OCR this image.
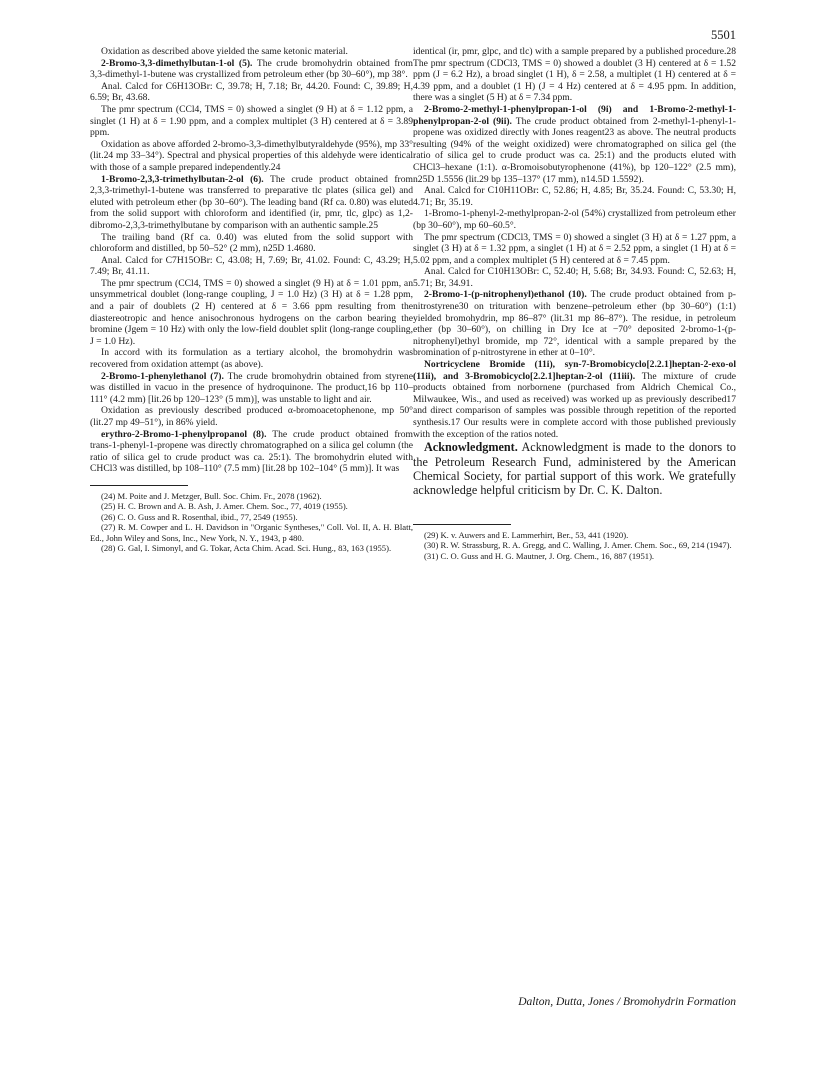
5501

Oxidation as described above yielded the same ketonic material.

2-Bromo-3,3-dimethylbutan-1-ol (5). The crude bromohydrin obtained from 3,3-dimethyl-1-butene was crystallized from petroleum ether (bp 30–60°), mp 38°.

Anal. Calcd for C6H13OBr: C, 39.78; H, 7.18; Br, 44.20. Found: C, 39.89; H, 6.59; Br, 43.68.

The pmr spectrum (CCl4, TMS = 0) showed a singlet (9 H) at δ = 1.12 ppm, a singlet (1 H) at δ = 1.90 ppm, and a complex multiplet (3 H) centered at δ = 3.89 ppm.

Oxidation as above afforded 2-bromo-3,3-dimethylbutyraldehyde (95%), mp 33° (lit.24 mp 33–34°). Spectral and physical properties of this aldehyde were identical with those of a sample prepared independently.24

1-Bromo-2,3,3-trimethylbutan-2-ol (6). The crude product obtained from 2,3,3-trimethyl-1-butene was transferred to preparative tlc plates (silica gel) and eluted with petroleum ether (bp 30–60°). The leading band (Rf ca. 0.80) was eluted from the solid support with chloroform and identified (ir, pmr, tlc, glpc) as 1,2-dibromo-2,3,3-trimethylbutane by comparison with an authentic sample.25

The trailing band (Rf ca. 0.40) was eluted from the solid support with chloroform and distilled, bp 50–52° (2 mm), n25D 1.4680.

Anal. Calcd for C7H15OBr: C, 43.08; H, 7.69; Br, 41.02. Found: C, 43.29; H, 7.49; Br, 41.11.

The pmr spectrum (CCl4, TMS = 0) showed a singlet (9 H) at δ = 1.01 ppm, an unsymmetrical doublet (long-range coupling, J = 1.0 Hz) (3 H) at δ = 1.28 ppm, and a pair of doublets (2 H) centered at δ = 3.66 ppm resulting from the diastereotropic and hence anisochronous hydrogens on the carbon bearing the bromine (Jgem = 10 Hz) with only the low-field doublet split (long-range coupling, J = 1.0 Hz).

In accord with its formulation as a tertiary alcohol, the bromohydrin was recovered from oxidation attempt (as above).

2-Bromo-1-phenylethanol (7). The crude bromohydrin obtained from styrene was distilled in vacuo in the presence of hydroquinone. The product,16 bp 110–111° (4.2 mm) [lit.26 bp 120–123° (5 mm)], was unstable to light and air.

Oxidation as previously described produced α-bromoacetophenone, mp 50° (lit.27 mp 49–51°), in 86% yield.

erythro-2-Bromo-1-phenylpropanol (8). The crude product obtained from trans-1-phenyl-1-propene was directly chromatographed on a silica gel column (the ratio of silica gel to crude product was ca. 25:1). The bromohydrin eluted with CHCl3 was distilled, bp 108–110° (7.5 mm) [lit.28 bp 102–104° (5 mm)]. It was

(24) M. Poite and J. Metzger, Bull. Soc. Chim. Fr., 2078 (1962).

(25) H. C. Brown and A. B. Ash, J. Amer. Chem. Soc., 77, 4019 (1955).

(26) C. O. Guss and R. Rosenthal, ibid., 77, 2549 (1955).

(27) R. M. Cowper and L. H. Davidson in "Organic Syntheses," Coll. Vol. II, A. H. Blatt, Ed., John Wiley and Sons, Inc., New York, N. Y., 1943, p 480.

(28) G. Gal, I. Simonyl, and G. Tokar, Acta Chim. Acad. Sci. Hung., 83, 163 (1955).

identical (ir, pmr, glpc, and tlc) with a sample prepared by a published procedure.28 The pmr spectrum (CDCl3, TMS = 0) showed a doublet (3 H) centered at δ = 1.52 ppm (J = 6.2 Hz), a broad singlet (1 H), δ = 2.58, a multiplet (1 H) centered at δ = 4.39 ppm, and a doublet (1 H) (J = 4 Hz) centered at δ = 4.95 ppm. In addition, there was a singlet (5 H) at δ = 7.34 ppm.

2-Bromo-2-methyl-1-phenylpropan-1-ol (9i) and 1-Bromo-2-methyl-1-phenylpropan-2-ol (9ii). The crude product obtained from 2-methyl-1-phenyl-1-propene was oxidized directly with Jones reagent23 as above. The neutral products resulting (94% of the weight oxidized) were chromatographed on silica gel (the ratio of silica gel to crude product was ca. 25:1) and the products eluted with CHCl3–hexane (1:1). α-Bromoisobutyrophenone (41%), bp 120–122° (2.5 mm), n25D 1.5556 (lit.29 bp 135–137° (17 mm), n14.5D 1.5592).

Anal. Calcd for C10H11OBr: C, 52.86; H, 4.85; Br, 35.24. Found: C, 53.30; H, 4.71; Br, 35.19.

1-Bromo-1-phenyl-2-methylpropan-2-ol (54%) crystallized from petroleum ether (bp 30–60°), mp 60–60.5°.

The pmr spectrum (CDCl3, TMS = 0) showed a singlet (3 H) at δ = 1.27 ppm, a singlet (3 H) at δ = 1.32 ppm, a singlet (1 H) at δ = 2.52 ppm, a singlet (1 H) at δ = 5.02 ppm, and a complex multiplet (5 H) centered at δ = 7.45 ppm.

Anal. Calcd for C10H13OBr: C, 52.40; H, 5.68; Br, 34.93. Found: C, 52.63; H, 5.71; Br, 34.91.

2-Bromo-1-(p-nitrophenyl)ethanol (10). The crude product obtained from p-nitrostyrene30 on trituration with benzene–petroleum ether (bp 30–60°) (1:1) yielded bromohydrin, mp 86–87° (lit.31 mp 86–87°). The residue, in petroleum ether (bp 30–60°), on chilling in Dry Ice at −70° deposited 2-bromo-1-(p-nitrophenyl)ethyl bromide, mp 72°, identical with a sample prepared by the bromination of p-nitrostyrene in ether at 0–10°.

Nortricyclene Bromide (11i), syn-7-Bromobicyclo[2.2.1]heptan-2-exo-ol (11ii), and 3-Bromobicyclo[2.2.1]heptan-2-ol (11iii). The mixture of crude products obtained from norbornene (purchased from Aldrich Chemical Co., Milwaukee, Wis., and used as received) was worked up as previously described17 and direct comparison of samples was possible through repetition of the reported synthesis.17 Our results were in complete accord with those published previously with the exception of the ratios noted.

Acknowledgment. Acknowledgment is made to the donors to the Petroleum Research Fund, administered by the American Chemical Society, for partial support of this work. We gratefully acknowledge helpful criticism by Dr. C. K. Dalton.

(29) K. v. Auwers and E. Lammerhirt, Ber., 53, 441 (1920).

(30) R. W. Strassburg, R. A. Gregg, and C. Walling, J. Amer. Chem. Soc., 69, 214 (1947).

(31) C. O. Guss and H. G. Mautner, J. Org. Chem., 16, 887 (1951).

Dalton, Dutta, Jones / Bromohydrin Formation
